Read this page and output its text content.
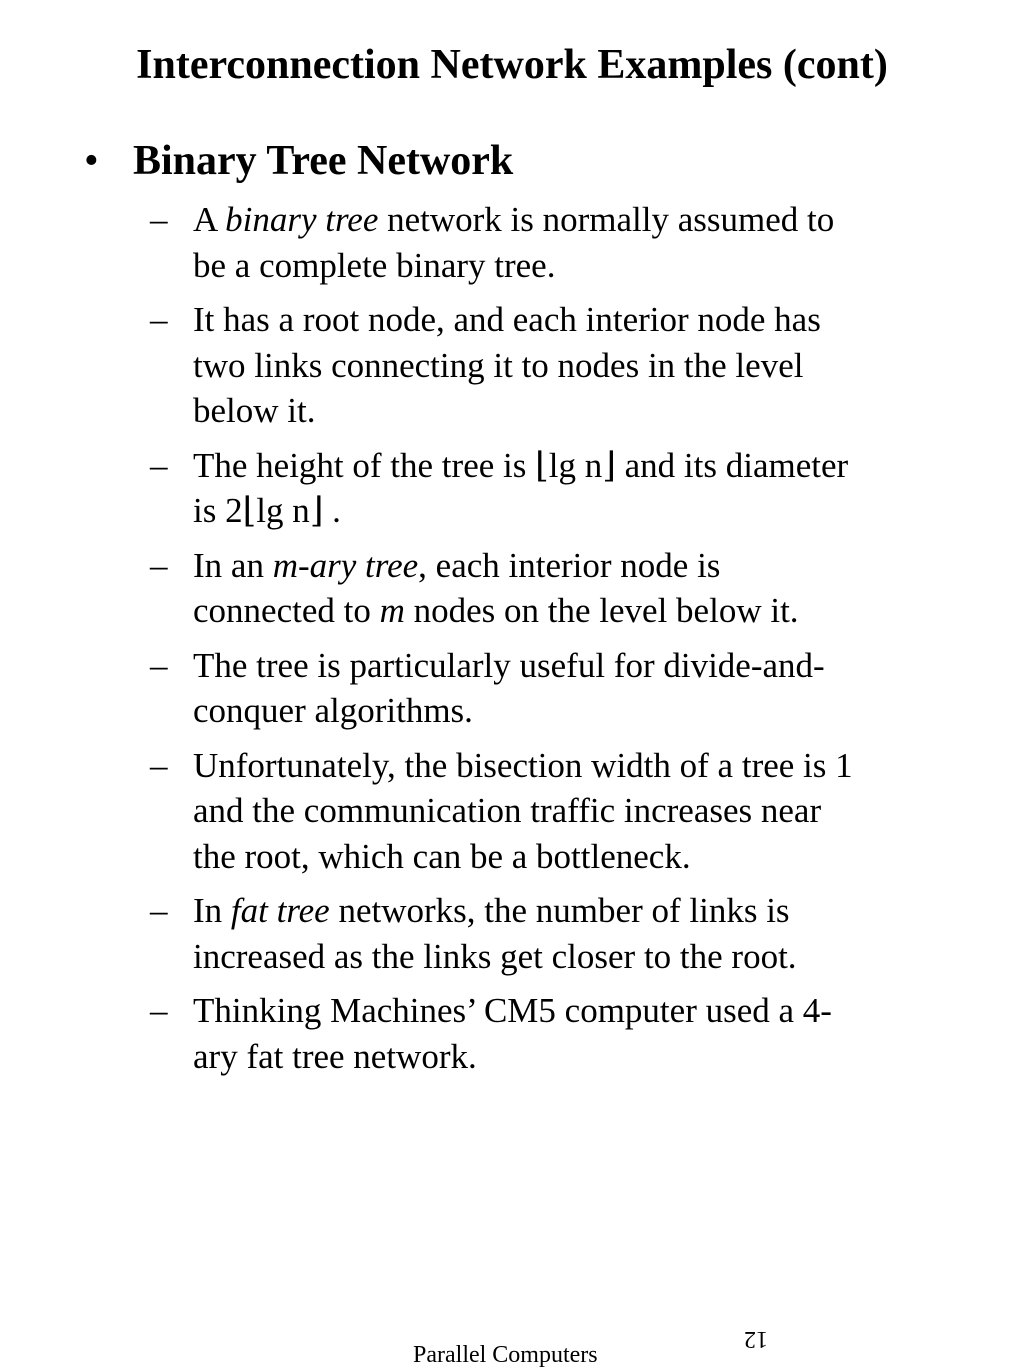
Interconnection Network Examples (cont)
• Binary Tree Network
– A binary tree network is normally assumed to
be a complete binary tree.
– It has a root node, and each interior node has
two links connecting it to nodes in the level
below it.
– The height of the tree is ⌊lg n⌋ and its diameter
is 2⌊lg n⌋ .
– In an m-ary tree, each interior node is
connected to m nodes on the level below it.
– The tree is particularly useful for divide-and-
conquer algorithms.
– Unfortunately, the bisection width of a tree is 1
and the communication traffic increases near
the root, which can be a bottleneck.
– In fat tree networks, the number of links is
increased as the links get closer to the root.
– Thinking Machines’ CM5 computer used a 4-
ary fat tree network.
Parallel Computers
12
